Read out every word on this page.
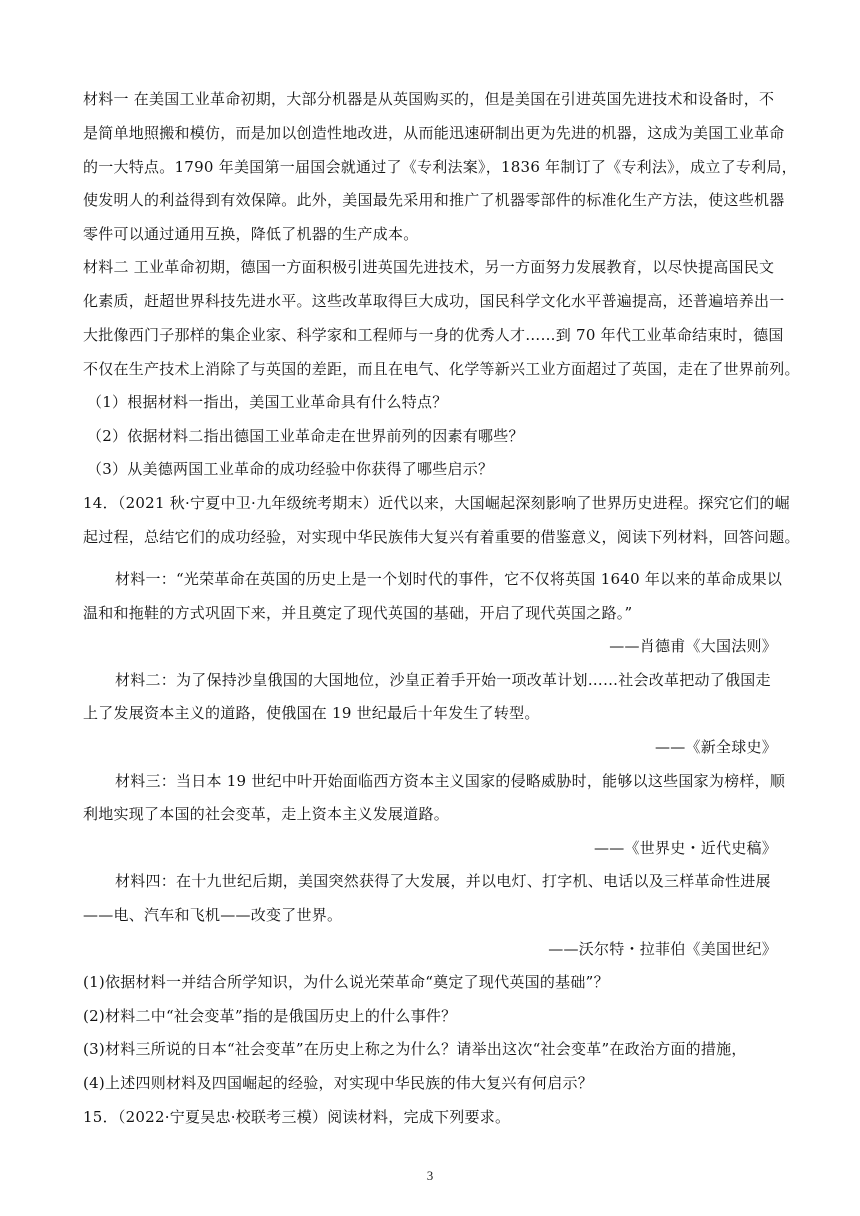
材料一 在美国工业革命初期，大部分机器是从英国购买的，但是美国在引进英国先进技术和设备时，不
是简单地照搬和模仿，而是加以创造性地改进，从而能迅速研制出更为先进的机器，这成为美国工业革命
的一大特点。1790 年美国第一届国会就通过了《专利法案》，1836 年制订了《专利法》，成立了专利局，
使发明人的利益得到有效保障。此外，美国最先采用和推广了机器零部件的标准化生产方法，使这些机器
零件可以通过通用互换，降低了机器的生产成本。
材料二 工业革命初期，德国一方面积极引进英国先进技术，另一方面努力发展教育，以尽快提高国民文
化素质，赶超世界科技先进水平。这些改革取得巨大成功，国民科学文化水平普遍提高，还普遍培养出一
大批像西门子那样的集企业家、科学家和工程师与一身的优秀人才……到 70 年代工业革命结束时，德国
不仅在生产技术上消除了与英国的差距，而且在电气、化学等新兴工业方面超过了英国，走在了世界前列。
（1）根据材料一指出，美国工业革命具有什么特点？
（2）依据材料二指出德国工业革命走在世界前列的因素有哪些？
（3）从美德两国工业革命的成功经验中你获得了哪些启示？
14．（2021 秋·宁夏中卫·九年级统考期末）近代以来，大国崛起深刻影响了世界历史进程。探究它们的崛
起过程，总结它们的成功经验，对实现中华民族伟大复兴有着重要的借鉴意义，阅读下列材料，回答问题。
材料一：“光荣革命在英国的历史上是一个划时代的事件，它不仅将英国 1640 年以来的革命成果以
温和和拖鞋的方式巩固下来，并且奠定了现代英国的基础，开启了现代英国之路。”
——肖德甫《大国法则》
材料二：为了保持沙皇俄国的大国地位，沙皇正着手开始一项改革计划……社会改革把动了俄国走
上了发展资本主义的道路，使俄国在 19 世纪最后十年发生了转型。
——《新全球史》
材料三：当日本 19 世纪中叶开始面临西方资本主义国家的侵略威胁时，能够以这些国家为榜样，顺
利地实现了本国的社会变革，走上资本主义发展道路。
——《世界史・近代史稿》
材料四：在十九世纪后期，美国突然获得了大发展，并以电灯、打字机、电话以及三样革命性进展
——电、汽车和飞机——改变了世界。
——沃尔特・拉菲伯《美国世纪》
(1)依据材料一并结合所学知识，为什么说光荣革命“奠定了现代英国的基础”？
(2)材料二中“社会变革”指的是俄国历史上的什么事件？
(3)材料三所说的日本“社会变革”在历史上称之为什么？请举出这次“社会变革”在政治方面的措施，
(4)上述四则材料及四国崛起的经验，对实现中华民族的伟大复兴有何启示？
15．（2022·宁夏吴忠·校联考三模）阅读材料，完成下列要求。
3
